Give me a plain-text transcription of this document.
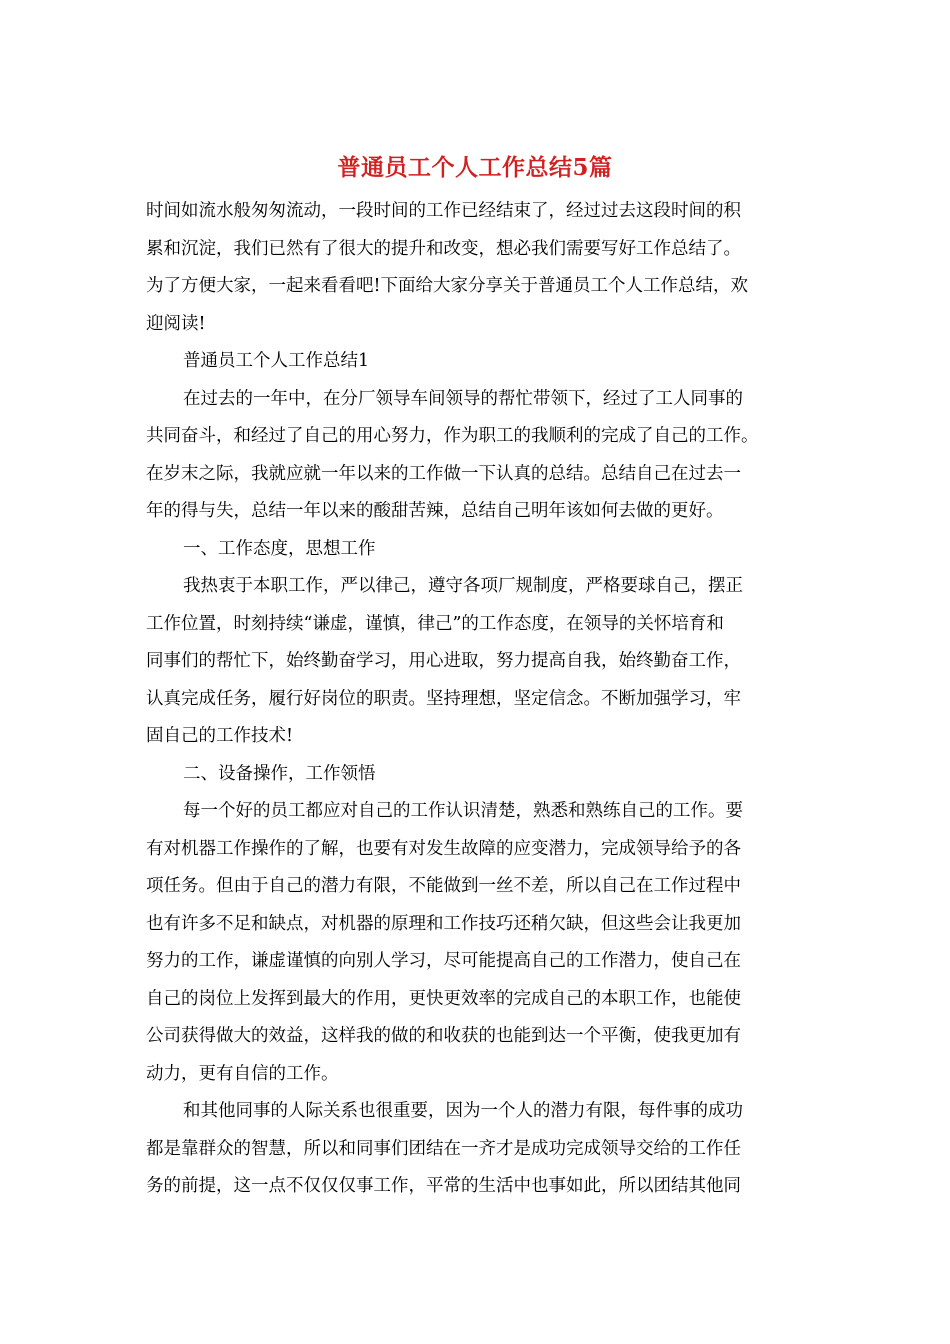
普通员工个人工作总结5篇
时间如流水般匆匆流动，一段时间的工作已经结束了，经过过去这段时间的积
累和沉淀，我们已然有了很大的提升和改变，想必我们需要写好工作总结了。
为了方便大家，一起来看看吧!下面给大家分享关于普通员工个人工作总结，欢
迎阅读!
普通员工个人工作总结1
在过去的一年中，在分厂领导车间领导的帮忙带领下，经过了工人同事的
共同奋斗，和经过了自己的用心努力，作为职工的我顺利的完成了自己的工作。
在岁末之际，我就应就一年以来的工作做一下认真的总结。总结自己在过去一
年的得与失，总结一年以来的酸甜苦辣，总结自己明年该如何去做的更好。
一、工作态度，思想工作
我热衷于本职工作，严以律己，遵守各项厂规制度，严格要球自己，摆正
工作位置，时刻持续“谦虚，谨慎，律己”的工作态度，在领导的关怀培育和
同事们的帮忙下，始终勤奋学习，用心进取，努力提高自我，始终勤奋工作，
认真完成任务，履行好岗位的职责。坚持理想，坚定信念。不断加强学习，牢
固自己的工作技术!
二、设备操作，工作领悟
每一个好的员工都应对自己的工作认识清楚，熟悉和熟练自己的工作。要
有对机器工作操作的了解，也要有对发生故障的应变潜力，完成领导给予的各
项任务。但由于自己的潜力有限，不能做到一丝不差，所以自己在工作过程中
也有许多不足和缺点，对机器的原理和工作技巧还稍欠缺，但这些会让我更加
努力的工作，谦虚谨慎的向别人学习，尽可能提高自己的工作潜力，使自己在
自己的岗位上发挥到最大的作用，更快更效率的完成自己的本职工作，也能使
公司获得做大的效益，这样我的做的和收获的也能到达一个平衡，使我更加有
动力，更有自信的工作。
和其他同事的人际关系也很重要，因为一个人的潜力有限，每件事的成功
都是靠群众的智慧，所以和同事们团结在一齐才是成功完成领导交给的工作任
务的前提，这一点不仅仅仅事工作，平常的生活中也事如此，所以团结其他同
